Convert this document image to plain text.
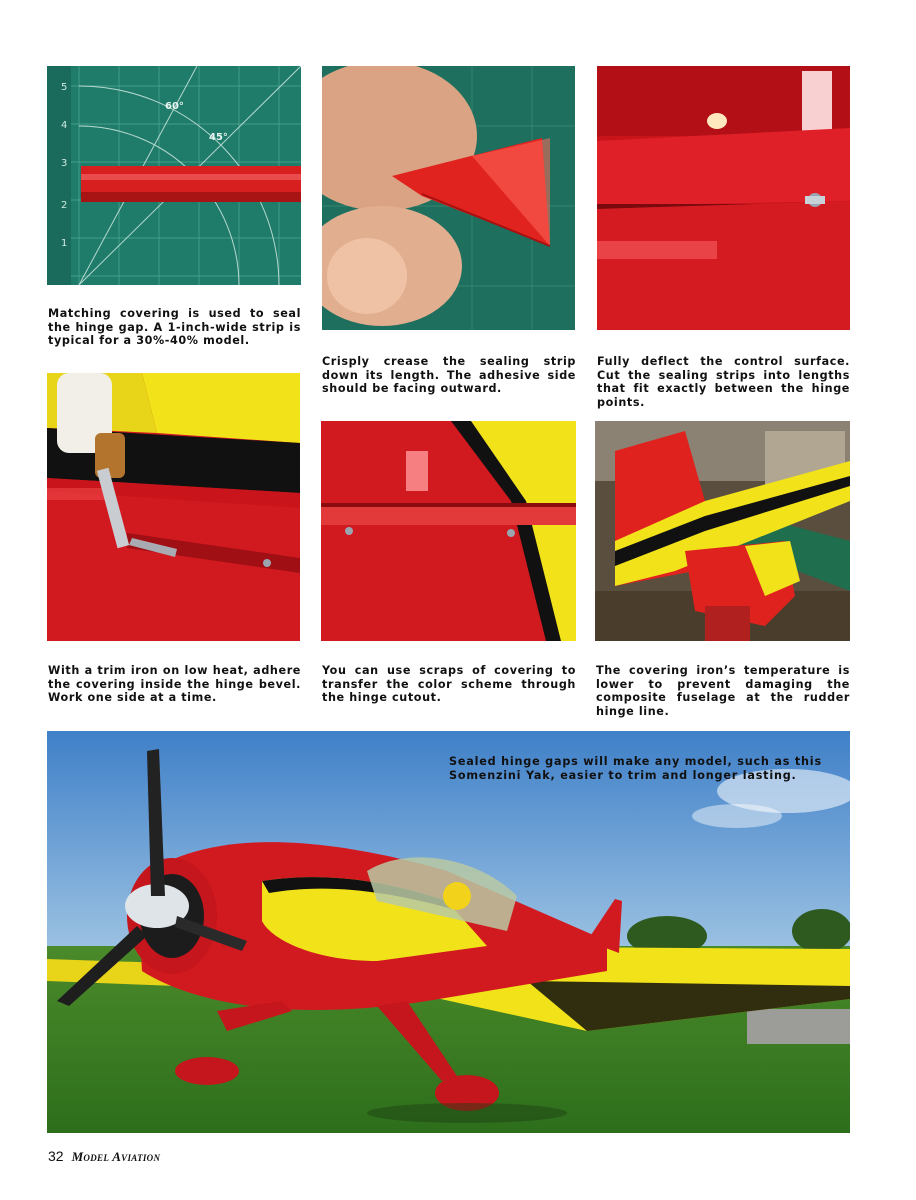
5
4
3
2
1
60°
45°

Matching covering is used to seal the hinge gap. A 1-inch-wide strip is typical for a 30%-40% model.

Crisply crease the sealing strip down its length. The adhesive side should be facing outward.

Fully deflect the control surface. Cut the sealing strips into lengths that fit exactly between the hinge points.

With a trim iron on low heat, adhere the covering inside the hinge bevel. Work one side at a time.

You can use scraps of covering to transfer the color scheme through the hinge cutout.

The covering iron’s temperature is lower to prevent damaging the composite fuselage at the rudder hinge line.

Sealed hinge gaps will make any model, such as this Somenzini Yak, easier to trim and longer lasting.

32 Model Aviation
